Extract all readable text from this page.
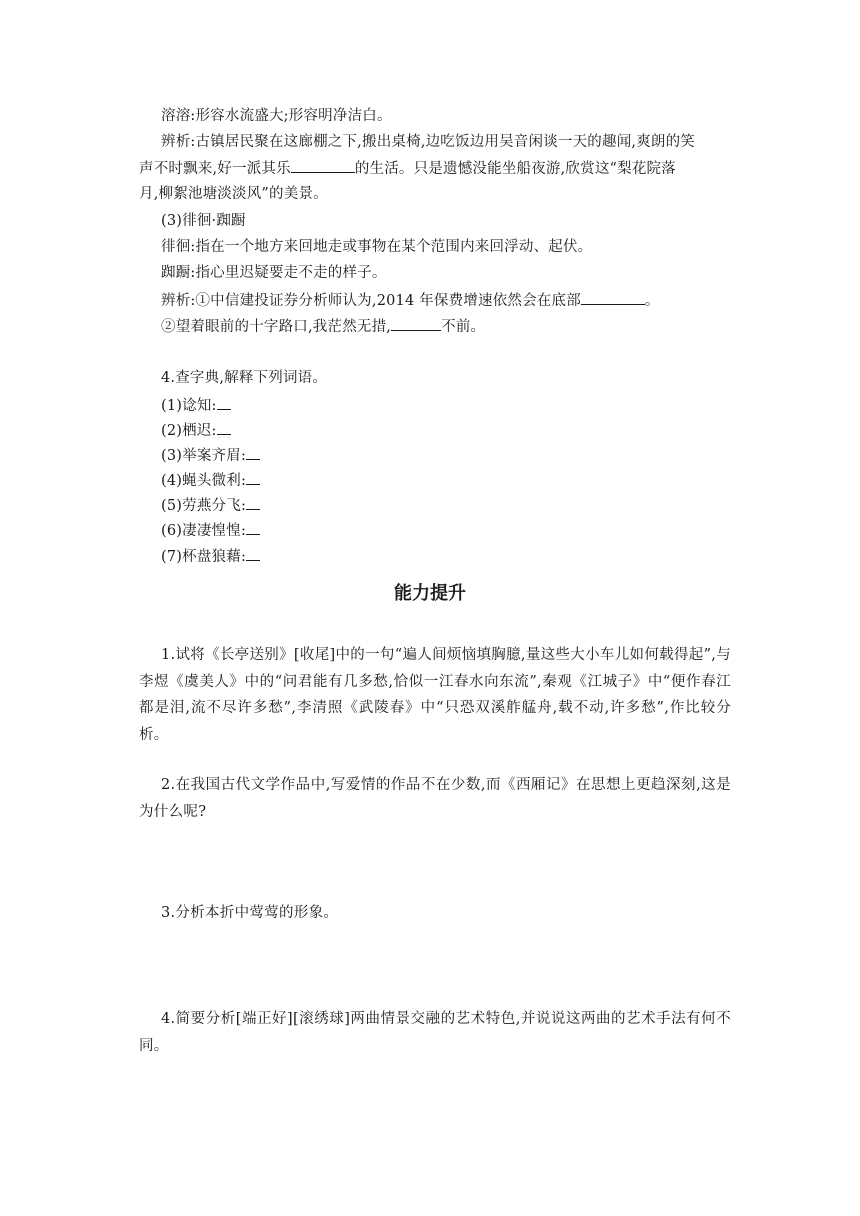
溶溶:形容水流盛大;形容明净洁白。
辨析:古镇居民聚在这廊棚之下,搬出桌椅,边吃饭边用吴音闲谈一天的趣闻,爽朗的笑
声不时飘来,好一派其乐	的生活。只是遗憾没能坐船夜游,欣赏这“梨花院落
月,柳絮池塘淡淡风”的美景。
(3)徘徊·踟蹰
徘徊:指在一个地方来回地走或事物在某个范围内来回浮动、起伏。
踟蹰:指心里迟疑要走不走的样子。
辨析:①中信建投证券分析师认为,2014 年保费增速依然会在底部	。
②望着眼前的十字路口,我茫然无措,	不前。
4.查字典,解释下列词语。
(1)谂知:
(2)栖迟:
(3)举案齐眉:
(4)蝇头微利:
(5)劳燕分飞:
(6)凄凄惶惶:
(7)杯盘狼藉:
能力提升
1.试将《长亭送别》[收尾]中的一句“遍人间烦恼填胸臆,量这些大小车儿如何载得起”,与李煜《虞美人》中的“问君能有几多愁,恰似一江春水向东流”,秦观《江城子》中“便作春江都是泪,流不尽许多愁”,李清照《武陵春》中“只恐双溪舴艋舟,载不动,许多愁”,作比较分析。
2.在我国古代文学作品中,写爱情的作品不在少数,而《西厢记》在思想上更趋深刻,这是为什么呢?
3.分析本折中莺莺的形象。
4.简要分析[端正好][滚绣球]两曲情景交融的艺术特色,并说说这两曲的艺术手法有何不同。
